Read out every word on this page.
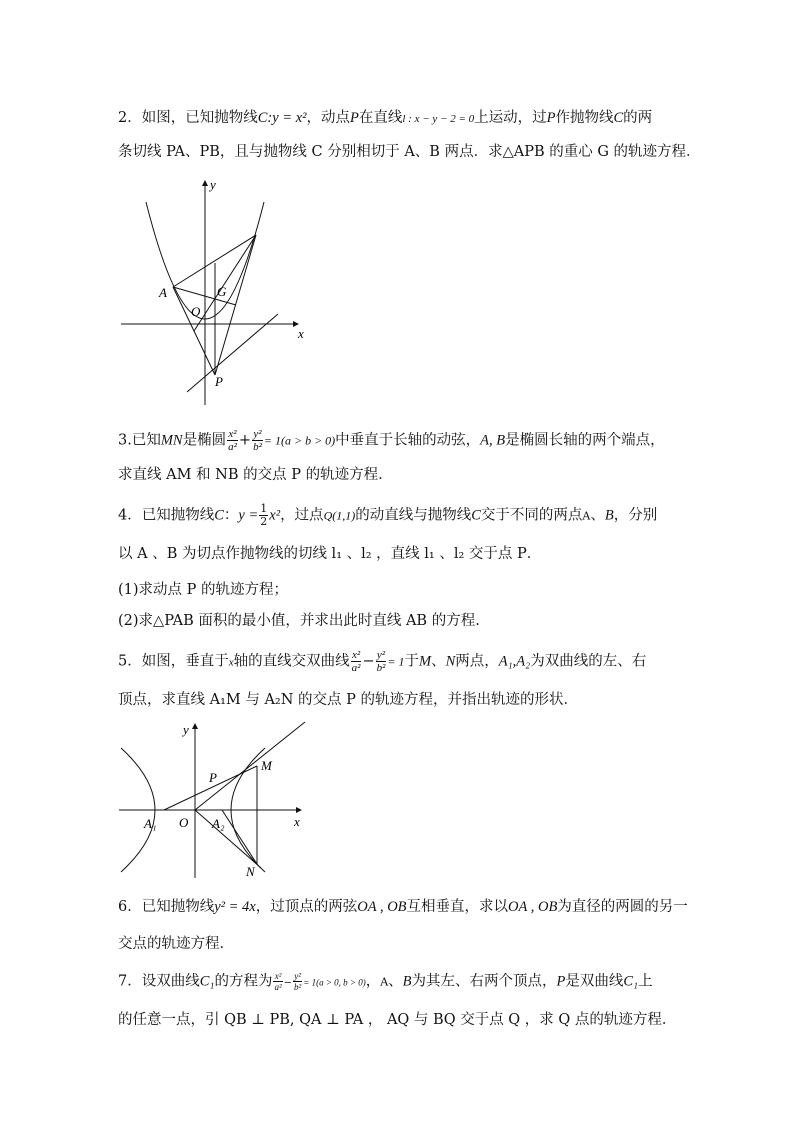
2．如图，已知抛物线C:y = x²，动点P在直线l : x − y − 2 = 0上运动，过P作抛物线C的两
条切线 PA、PB，且与抛物线 C 分别相切于 A、B 两点．求△APB 的重心 G 的轨迹方程．
y
x
A	G
O
P
3.已知MN是椭圆 $\frac{\text{x²}}{\text{a²}} + \frac{\text{y²}}{\text{b²}} = 1(a > b > 0)$中垂直于长轴的动弦，A, B是椭圆长轴的两个端点，
求直线 AM 和 NB 的交点 P 的轨迹方程．
4．已知抛物线C：$y = \frac{1}{2} x^2$，过点Q(1,1)的动直线与抛物线C交于不同的两点A、B，分别
以 A 、B 为切点作抛物线的切线 l₁ 、l₂ ，直线 l₁ 、l₂ 交于点 P．
(1)求动点 P 的轨迹方程；
(2)求△PAB 面积的最小值，并求出此时直线 AB 的方程.
5．如图，垂直于x轴的直线交双曲线 $\frac{\text{x²}}{\text{a²}} - \frac{\text{y²}}{\text{b²}} = 1$于M、N两点，A₁,A₂为双曲线的左、右
顶点，求直线 A₁M 与 A₂N 的交点 P 的轨迹方程，并指出轨迹的形状．
y
x
M
N
P
O
A₁	A₂
6．已知抛物线y² = 4x，过顶点的两弦OA , OB互相垂直，求以OA , OB为直径的两圆的另一
交点的轨迹方程．
7．设双曲线C₁的方程为 $\frac{\text{x²}}{\text{a²}} - \frac{\text{y²}}{\text{b²}} = 1(a > 0$, b > 0)，A、B为其左、右两个顶点，P是双曲线C₁上
的任意一点，引 QB ⊥ PB, QA ⊥ PA ， AQ 与 BQ 交于点 Q ，求 Q 点的轨迹方程．
